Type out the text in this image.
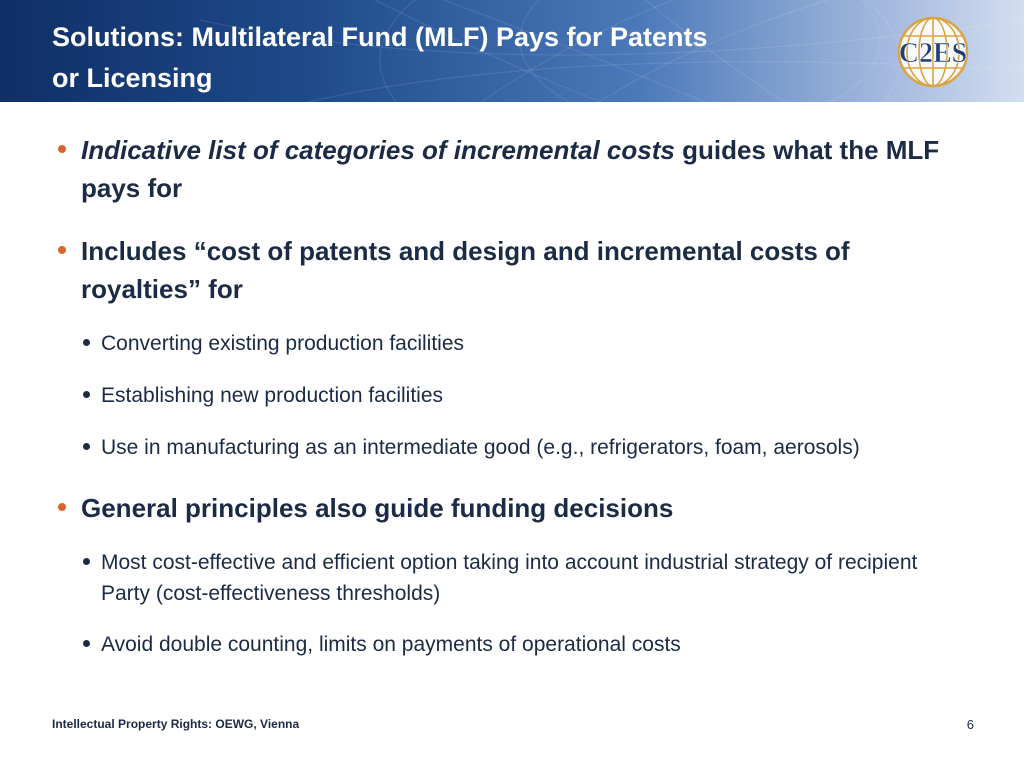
Solutions: Multilateral Fund (MLF) Pays for Patents
or Licensing
C2ES
Indicative list of categories of incremental costs guides what the MLF pays for
Includes “cost of patents and design and incremental costs of royalties” for
Converting existing production facilities
Establishing new production facilities
Use in manufacturing as an intermediate good (e.g., refrigerators, foam, aerosols)
General principles also guide funding decisions
Most cost-effective and efficient option taking into account industrial strategy of recipient Party (cost-effectiveness thresholds)
Avoid double counting, limits on payments of operational costs
Intellectual Property Rights: OEWG, Vienna	6
